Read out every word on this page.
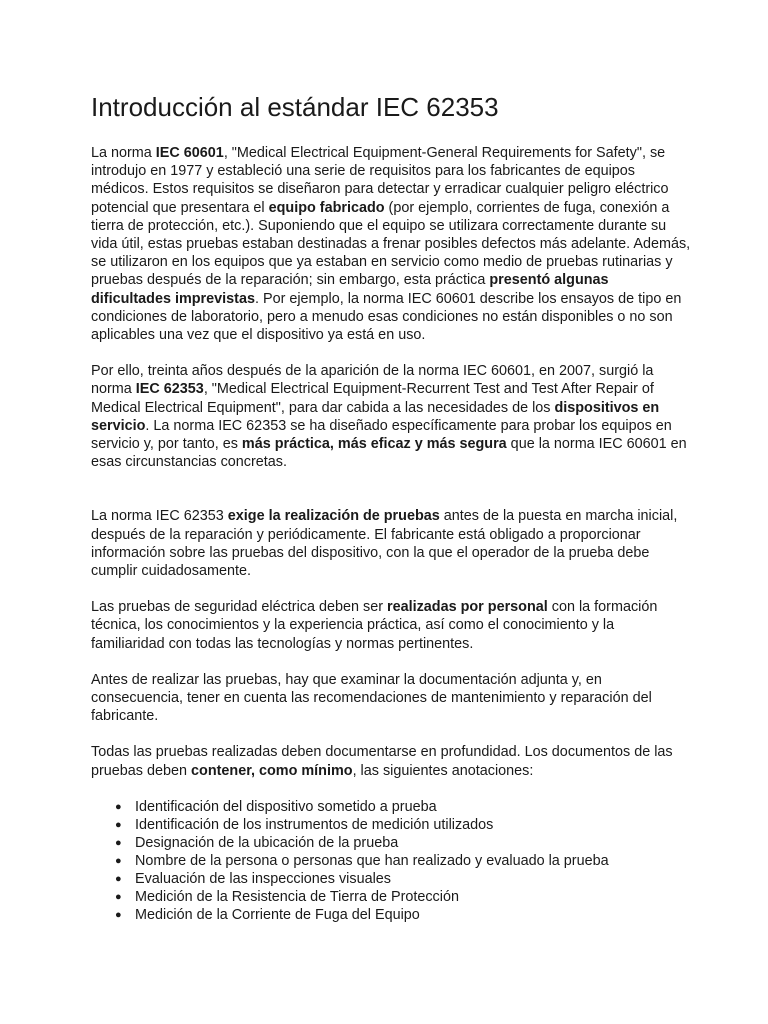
Introducción al estándar IEC 62353

La norma IEC 60601, "Medical Electrical Equipment-General Requirements for Safety", se introdujo en 1977 y estableció una serie de requisitos para los fabricantes de equipos médicos. Estos requisitos se diseñaron para detectar y erradicar cualquier peligro eléctrico potencial que presentara el equipo fabricado (por ejemplo, corrientes de fuga, conexión a tierra de protección, etc.). Suponiendo que el equipo se utilizara correctamente durante su vida útil, estas pruebas estaban destinadas a frenar posibles defectos más adelante. Además, se utilizaron en los equipos que ya estaban en servicio como medio de pruebas rutinarias y pruebas después de la reparación; sin embargo, esta práctica presentó algunas dificultades imprevistas. Por ejemplo, la norma IEC 60601 describe los ensayos de tipo en condiciones de laboratorio, pero a menudo esas condiciones no están disponibles o no son aplicables una vez que el dispositivo ya está en uso.

Por ello, treinta años después de la aparición de la norma IEC 60601, en 2007, surgió la norma IEC 62353, "Medical Electrical Equipment-Recurrent Test and Test After Repair of Medical Electrical Equipment", para dar cabida a las necesidades de los dispositivos en servicio. La norma IEC 62353 se ha diseñado específicamente para probar los equipos en servicio y, por tanto, es más práctica, más eficaz y más segura que la norma IEC 60601 en esas circunstancias concretas.

La norma IEC 62353 exige la realización de pruebas antes de la puesta en marcha inicial, después de la reparación y periódicamente. El fabricante está obligado a proporcionar información sobre las pruebas del dispositivo, con la que el operador de la prueba debe cumplir cuidadosamente.

Las pruebas de seguridad eléctrica deben ser realizadas por personal con la formación técnica, los conocimientos y la experiencia práctica, así como el conocimiento y la familiaridad con todas las tecnologías y normas pertinentes.

Antes de realizar las pruebas, hay que examinar la documentación adjunta y, en consecuencia, tener en cuenta las recomendaciones de mantenimiento y reparación del fabricante.

Todas las pruebas realizadas deben documentarse en profundidad. Los documentos de las pruebas deben contener, como mínimo, las siguientes anotaciones:

● Identificación del dispositivo sometido a prueba
● Identificación de los instrumentos de medición utilizados
● Designación de la ubicación de la prueba
● Nombre de la persona o personas que han realizado y evaluado la prueba
● Evaluación de las inspecciones visuales
● Medición de la Resistencia de Tierra de Protección
● Medición de la Corriente de Fuga del Equipo
